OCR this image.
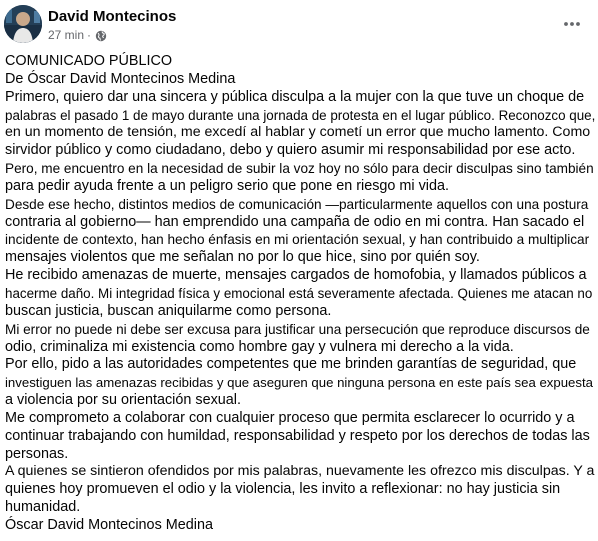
David Montecinos
27 min ·

COMUNICADO PÚBLICO

De Óscar David Montecinos Medina

Primero, quiero dar una sincera y pública disculpa a la mujer con la que tuve un choque de

palabras el pasado 1 de mayo durante una jornada de protesta en el lugar público. Reconozco que,

en un momento de tensión, me excedí al hablar y cometí un error que mucho lamento. Como

sirvidor público y como ciudadano, debo y quiero asumir mi responsabilidad por ese acto.

Pero, me encuentro en la necesidad de subir la voz hoy no sólo para decir disculpas sino también

para pedir ayuda frente a un peligro serio que pone en riesgo mi vida.

Desde ese hecho, distintos medios de comunicación —particularmente aquellos con una postura

contraria al gobierno— han emprendido una campaña de odio en mi contra. Han sacado el

incidente de contexto, han hecho énfasis en mi orientación sexual, y han contribuido a multiplicar

mensajes violentos que me señalan no por lo que hice, sino por quién soy.

He recibido amenazas de muerte, mensajes cargados de homofobia, y llamados públicos a

hacerme daño. Mi integridad física y emocional está severamente afectada. Quienes me atacan no

buscan justicia, buscan aniquilarme como persona.

Mi error no puede ni debe ser excusa para justificar una persecución que reproduce discursos de

odio, criminaliza mi existencia como hombre gay y vulnera mi derecho a la vida.

Por ello, pido a las autoridades competentes que me brinden garantías de seguridad, que

investiguen las amenazas recibidas y que aseguren que ninguna persona en este país sea expuesta

a violencia por su orientación sexual.

Me comprometo a colaborar con cualquier proceso que permita esclarecer lo ocurrido y a

continuar trabajando con humildad, responsabilidad y respeto por los derechos de todas las

personas.

A quienes se sintieron ofendidos por mis palabras, nuevamente les ofrezco mis disculpas. Y a

quienes hoy promueven el odio y la violencia, les invito a reflexionar: no hay justicia sin

humanidad.

Óscar David Montecinos Medina
